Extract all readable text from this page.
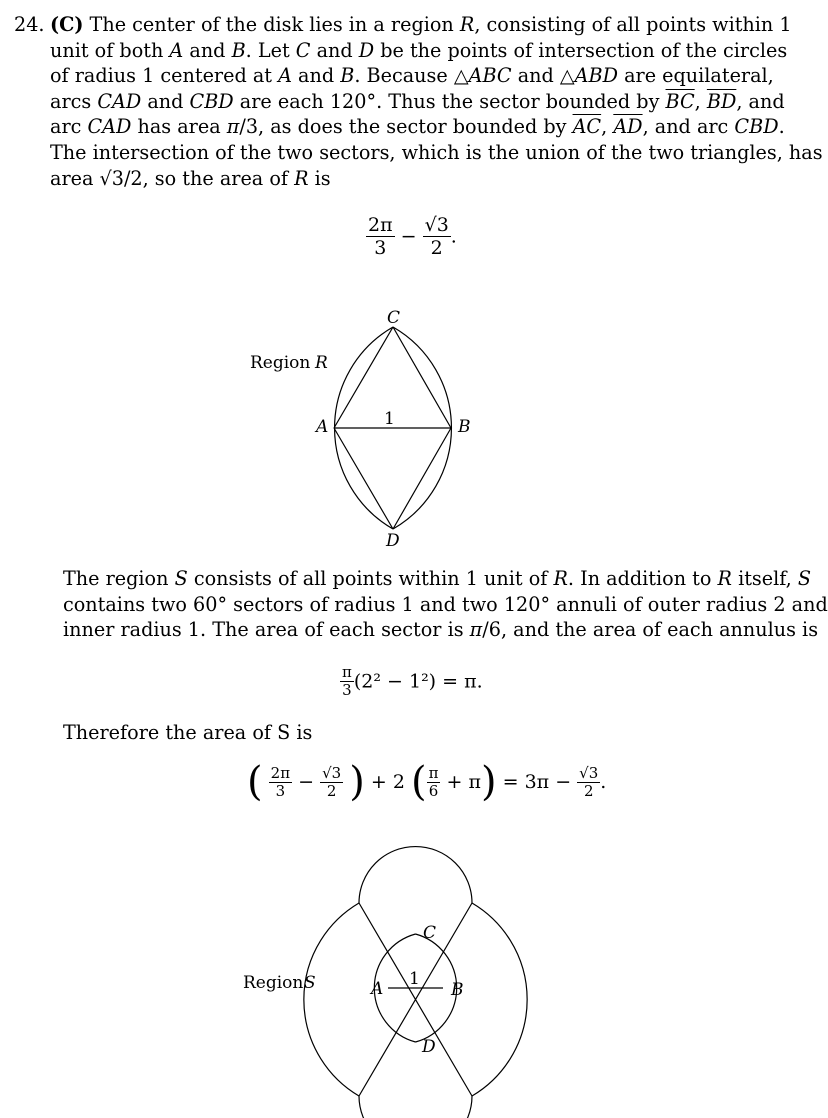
24. (C) The center of the disk lies in a region R, consisting of all points within 1
unit of both A and B. Let C and D be the points of intersection of the circles
of radius 1 centered at A and B. Because △ABC and △ABD are equilateral,
arcs CAD and CBD are each 120°. Thus the sector bounded by $\overline{BC}$, $\overline{BD}$, and
arc CAD has area π/3, as does the sector bounded by $\overline{AC}$, $\overline{AD}$, and arc CBD.
The intersection of the two sectors, which is the union of the two triangles, has
area √3/2, so the area of R is
$\frac{2\pi}{3} - \frac{√3}{2}$ .
Region R
A	B
C
D
1
The region S consists of all points within 1 unit of R. In addition to R itself, S
contains two 60° sectors of radius 1 and two 120° annuli of outer radius 2 and
inner radius 1. The area of each sector is π/6, and the area of each annulus is
$\frac{\pi}{3} (2^2 - 1^2) = \pi$.
Therefore the area of S is
( $\frac{2\pi}{3} - \frac{√3}{2}$ ) + 2 ( $\frac{\pi}{6} + \pi) = 3\pi - \frac{√3}{2}$ .
Region S	A	B
C
D
1
